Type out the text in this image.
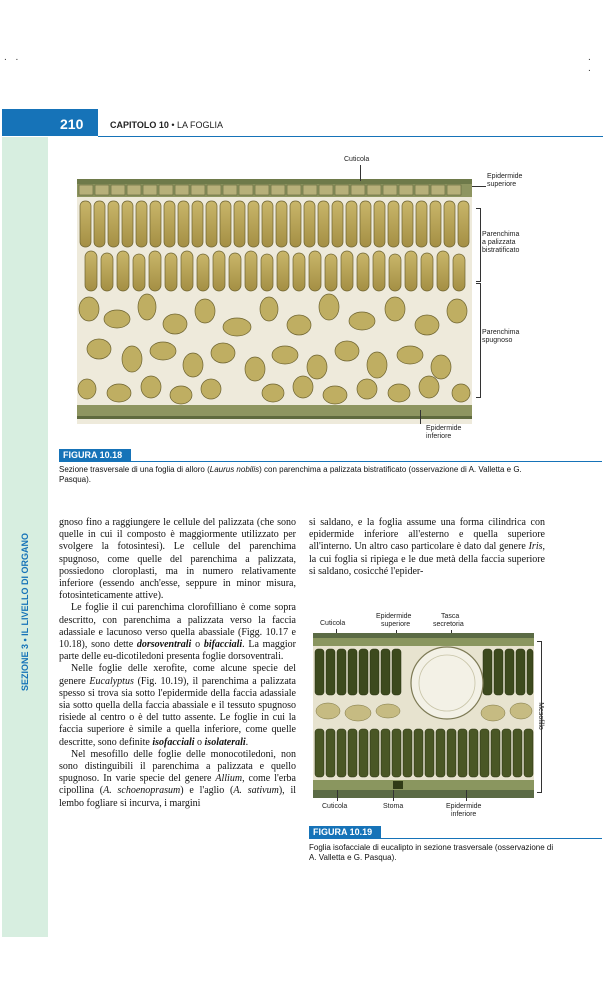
. .	. .
210	CAPITOLO 10 • LA FOGLIA
SEZIONE 3 • IL LIVELLO DI ORGANO
Cuticola
Epidermide
superiore
Parenchima
a palizzata
bistratificato
Parenchima
spugnoso
Epidermide
inferiore
FIGURA 10.18
Sezione trasversale di una foglia di alloro (Laurus nobilis) con parenchima a palizzata bistratificato (osservazione di A. Valletta e G. Pasqua).

gnoso fino a raggiungere le cellule del palizzata (che sono quelle in cui il composto è maggiormente utilizzato per svolgere la fotosintesi). Le cellule del parenchima spugnoso, come quelle del parenchima a palizzata, possiedono cloroplasti, ma in numero relativamente inferiore (essendo anch'esse, seppure in minor misura, fotosinteticamente attive).

Le foglie il cui parenchima clorofilliano è come sopra descritto, con parenchima a palizzata verso la faccia adassiale e lacunoso verso quella abassiale (Figg. 10.17 e 10.18), sono dette dorsoventrali o bifacciali. La maggior parte delle eu-dicotiledoni presenta foglie dorsoventrali.

Nelle foglie delle xerofite, come alcune specie del genere Eucalyptus (Fig. 10.19), il parenchima a palizzata spesso si trova sia sotto l'epidermide della faccia adassiale sia sotto quella della faccia abassiale e il tessuto spugnoso risiede al centro o è del tutto assente. Le foglie in cui la faccia superiore è simile a quella inferiore, come quelle descritte, sono definite isofacciali o isolaterali.

Nel mesofillo delle foglie delle monocotiledoni, non sono distinguibili il parenchima a palizzata e quello spugnoso. In varie specie del genere Allium, come l'erba cipollina (A. schoenoprasum) e l'aglio (A. sativum), il lembo fogliare si incurva, i margini

si saldano, e la foglia assume una forma cilindrica con epidermide inferiore all'esterno e quella superiore all'interno. Un altro caso particolare è dato dal genere Iris, la cui foglia si ripiega e le due metà della faccia superiore si saldano, cosicché l'epider-

Cuticola
Epidermide
superiore
Tasca
secretoria
Mesofillo
Cuticola	Stoma	Epidermide
inferiore
FIGURA 10.19
Foglia isofacciale di eucalipto in sezione trasversale (osservazione di A. Valletta e G. Pasqua).
